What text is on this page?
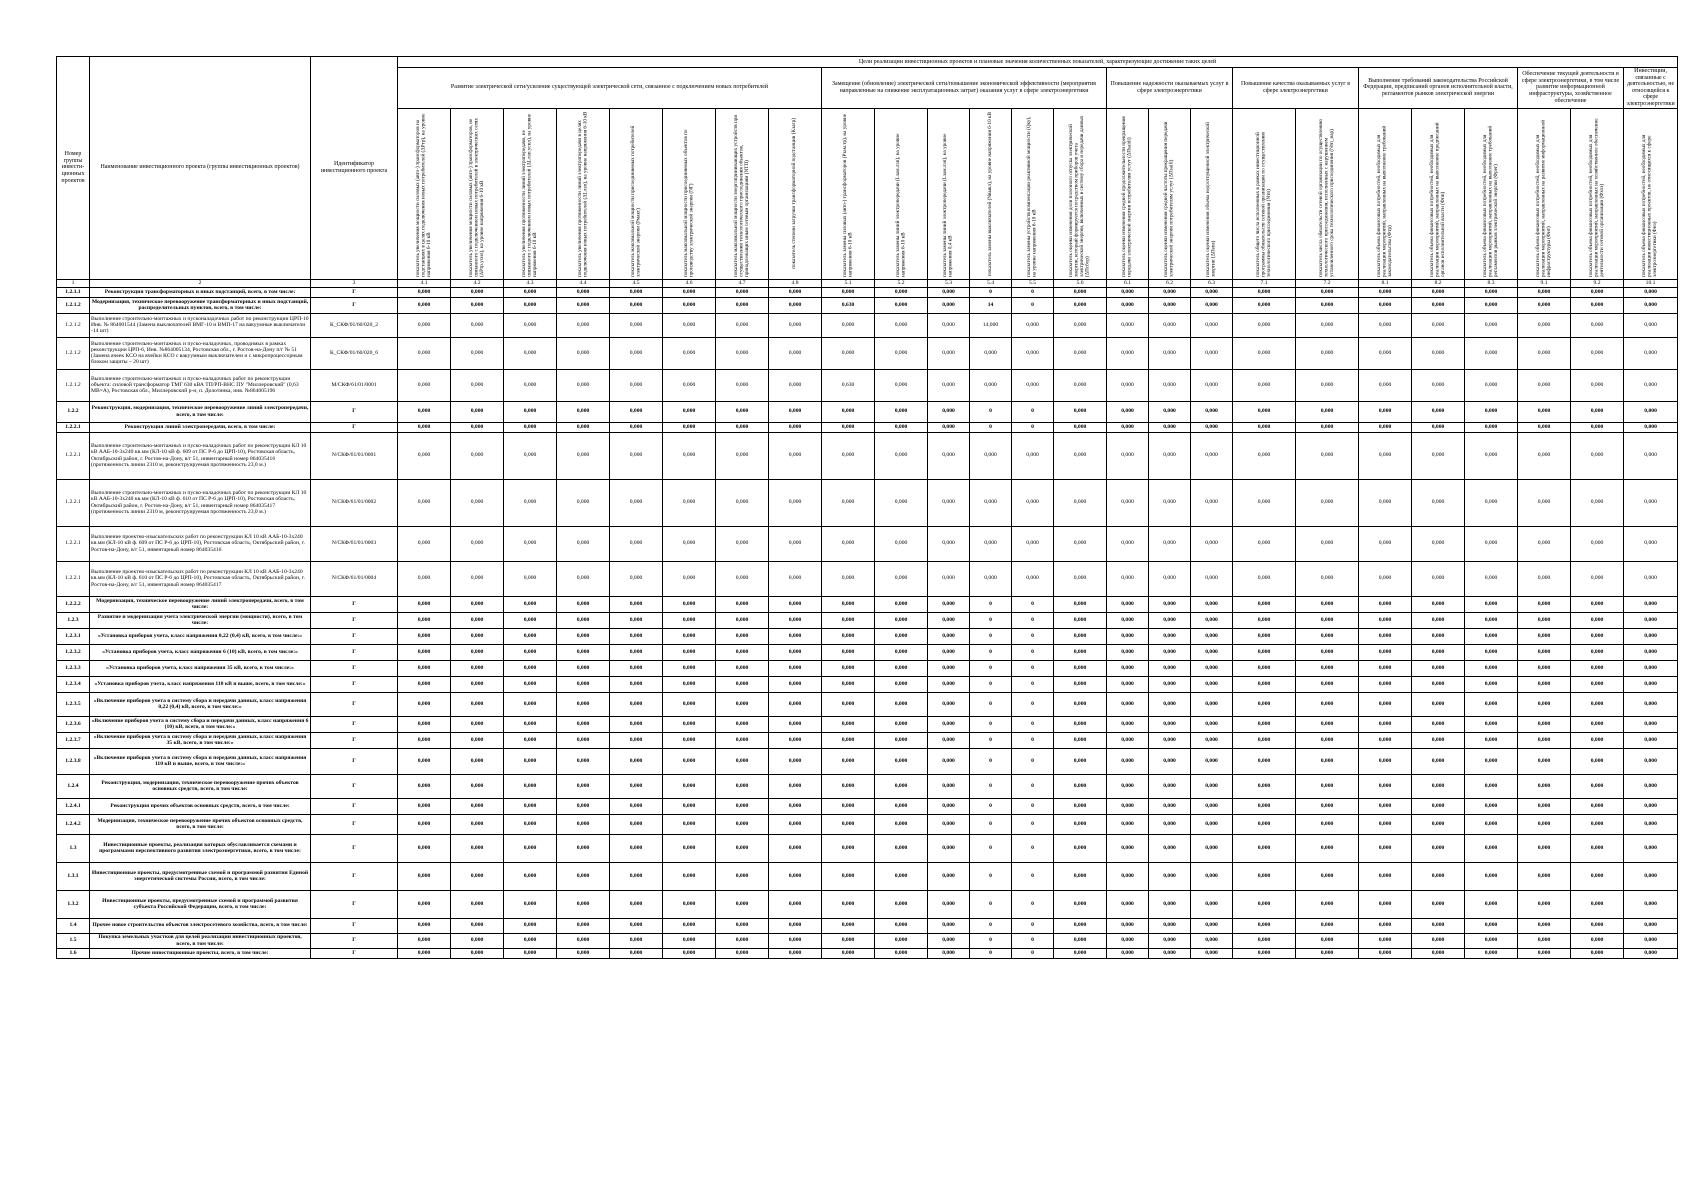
Номер группы инвести-ционных проектов	Наименование инвестиционного проекта (группы инвестиционных проектов)	Идентификатор инвестиционного проекта	Цели реализации инвестиционных проектов и плановые значения количественных показателей, характеризующие достижение таких целей																								
			Развитие электрической сети/усиление существующей электрической сети, связанное с подключением новых потребителей								Замещение (обновление) электрической сети/повышение экономической эффективности (мероприятия направленные на снижение эксплуатационных затрат) оказания услуг в сфере электроэнергетики						Повышение надежности оказываемых услуг в сфере электроэнергетики			Повышение качества оказываемых услуг в сфере электроэнергетики		Выполнение требований законодательства Российской Федерации, предписаний органов исполнительной власти, регламентов рынков электрической энергии			Обеспечение текущей деятельности в сфере электроэнергетики, в том числе развитие информационной инфраструктуры, хозяйственное обеспечение		Инвестиции, связанные с деятельностью, не относящейся к сфере электроэнергетики

			показатель увеличения мощности силовых (авто-) трансформаторов на подстанциях в целях подключения новых потребителей (ΔPтр), на уровне напряжения 6-10 кВ	показатель увеличения мощности силовых (авто-) трансформаторов, не связанного с подключением новых потребителей в электрических сетях (ΔPтр.усил), на уровне напряжения 6-10 кВ	показатель увеличения протяженности линий электропередачи, не связанного с подключением новых потребителей (ΔLлэп.усил), на уровне напряжения 6-10 кВ	показатель увеличения протяженности линий электропередачи в целях подключения новых потребителей (ΔLлэп), на уровне напряжения 6-10 кВ	показатель максимальной мощности присоединяемых потребителей электрической энергии (Pмакс)	показатель максимальной мощности присоединяемых объектов по производству электрической энергии (NГ)	показатель максимальной мощности энергопринимающих устройств при осуществлении технологического присоединения объектов, принадлежащих иным сетевым организациям (NТП)	показатель степени загрузки трансформаторной подстанции (Kзагр)	показатель замены силовых (авто-) трансформаторов (Pзам.тр), на уровне напряжения 6-10 кВ	показатель замены линий электропередачи (Lзам.лэп), на уровне напряжения 6-10 кВ	показатель замены линий электропередачи (Lзам.лэп), на уровне напряжения 0,4 кВ	показатель замены выключателей (Nвыкл), на уровне напряжения 6-10 кВ	показатель замены устройств компенсации реактивной мощности (Qку), на уровне напряжения 6-10 кВ	показатель оценки изменения доли полезного отпуска электрической энергии, который формируется посредством приборов учета электрической энергии, включенных в систему сбора и передачи данных (ΔПсбор)	показатель оценки изменения средней продолжительности прекращения передачи электрической энергии потребителям услуг (ΔПsaidi)	показатель оценки изменения средней частоты прекращения передачи электрической энергии потребителям услуг (ΔПsaifi)	показатель оценки изменения объема недоотпущенной электрической энергии (ΔПens)	показатель общего числа исполненных в рамках инвестиционной программы обязательств сетевой организации по осуществлению технологического присоединения (Nтп)	показатель числа обязательств сетевой организации по осуществлению технологического присоединения, исполненных с нарушением установленного срока технологического присоединения (Nтп_нар)	показатель объема финансовых потребностей, необходимых для реализации мероприятий, направленных на выполнение требований законодательства (Фтр)	показатель объема финансовых потребностей, необходимых для реализации мероприятий, направленных на выполнение предписаний органов исполнительной власти (Фпп)	показатель объема финансовых потребностей, необходимых для реализации мероприятий, направленных на выполнение требований регламентов рынков электрической энергии (Фрег)	показатель объема финансовых потребностей, необходимых для реализации мероприятий, направленных на развитие информационной инфраструктуры (Фит)	показатель объема финансовых потребностей, необходимых для реализации мероприятий, направленных на хозяйственное обеспечение деятельности сетевой организации (Фхоз)	показатель объема финансовых потребностей, необходимых для реализации инвестиционных проектов, не относящихся к сфере электроэнергетики (Фнэ)

1	2	3	4.1	4.2	4.3	4.4	4.5	4.6	4.7	4.8	5.1	5.2	5.3	5.4	5.5	5.6	6.1	6.2	6.3	7.1	7.2	8.1	8.2	8.3	9.1	9.2	10.1
1.2.1.1	Реконструкция трансформаторных и иных подстанций, всего, в том числе:	Г	0,000	0,000	0,000	0,000	0,000	0,000	0,000	0,000	0,000	0,000	0,000	0	0	0,000	0,000	0,000	0,000	0,000	0,000	0,000	0,000	0,000	0,000	0,000	0,000
1.2.1.2	Модернизация, техническое перевооружение трансформаторных и иных подстанций, распределительных пунктов, всего, в том числе:	Г	0,000	0,000	0,000	0,000	0,000	0,000	0,000	0,000	0,630	0,000	0,000	14	0	0,000	0,000	0,000	0,000	0,000	0,000	0,000	0,000	0,000	0,000	0,000	0,000
1.2.1.2	Выполнение строительно-монтажных и пусконаладочных работ по реконструкции ЦРП-10 Инв. № 864001544 (Замена выключателей ВМГ-10 и ВМП-17 на вакуумные выключатели -14 шт)	К_СКФ/01/60/020_2	0,000	0,000	0,000	0,000	0,000	0,000	0,000	0,000	0,000	0,000	0,000	14,000	0,000	0,000	0,000	0,000	0,000	0,000	0,000	0,000	0,000	0,000	0,000	0,000	0,000
1.2.1.2	Выполнение строительно-монтажных и пуско-наладочных, проводимых в рамках реконструкции ЦРП-6, Инв. №864005134, Ростовская обл., г. Ростов-на-Дону п/г № 51 (Замена ячеек КСО на ячейки КСО с вакуумным выключателем и с микропроцессорным блоком защиты – 20 шт)	К_СКФ/01/60/020_6	0,000	0,000	0,000	0,000	0,000	0,000	0,000	0,000	0,000	0,000	0,000	0,000	0,000	0,000	0,000	0,000	0,000	0,000	0,000	0,000	0,000	0,000	0,000	0,000	0,000
1.2.1.2	Выполнение строительно-монтажных и пуско-наладочных работ по реконструкции объекта: силовой трансформатор ТМГ 630 кВА ТП/РП-ВНС ПУ "Миллеровский" (0,63 МВ×А), Ростовская обл., Миллеровский р-н, п. Долотинка, инв. №864005196	М/СКФ/61/01/0001	0,000	0,000	0,000	0,000	0,000	0,000	0,000	0,000	0,630	0,000	0,000	0,000	0,000	0,000	0,000	0,000	0,000	0,000	0,000	0,000	0,000	0,000	0,000	0,000	0,000
1.2.2	Реконструкция, модернизация, техническое перевооружение линий электропередачи, всего, в том числе:	Г	0,000	0,000	0,000	0,000	0,000	0,000	0,000	0,000	0,000	0,000	0,000	0	0	0,000	0,000	0,000	0,000	0,000	0,000	0,000	0,000	0,000	0,000	0,000	0,000
1.2.2.1	Реконструкция линий электропередачи, всего, в том числе:	Г	0,000	0,000	0,000	0,000	0,000	0,000	0,000	0,000	0,000	0,000	0,000	0	0	0,000	0,000	0,000	0,000	0,000	0,000	0,000	0,000	0,000	0,000	0,000	0,000
1.2.2.1	Выполнение строительно-монтажных и пуско-наладочных работ по реконструкции КЛ 10 кВ ААБ-10-3х240 кв.мм (КЛ-10 кВ ф. 609 от ПС Р-6 до ЦРП-10), Ростовская область, Октябрьский район, г. Ростов-на-Дону, в/г 51, инвентарный номер 864035416 (протяженность линии 2310 м, реконструируемая протяженность 23,0 м.)	N/СКФ/61/01/0001	0,000	0,000	0,000	0,000	0,000	0,000	0,000	0,000	0,000	0,000	0,000	0,000	0,000	0,000	0,000	0,000	0,000	0,000	0,000	0,000	0,000	0,000	0,000	0,000	0,000
1.2.2.1	Выполнение строительно-монтажных и пуско-наладочных работ по реконструкции КЛ 10 кВ ААБ-10-3х240 кв.мм (КЛ-10 кВ ф. 610 от ПС Р-6 до ЦРП-10), Ростовская область, Октябрьский район, г. Ростов-на-Дону, в/г 51, инвентарный номер 864035417 (протяженность линии 2310 м, реконструируемая протяженность 23,0 м.)	N/СКФ/61/01/0002	0,000	0,000	0,000	0,000	0,000	0,000	0,000	0,000	0,000	0,000	0,000	0,000	0,000	0,000	0,000	0,000	0,000	0,000	0,000	0,000	0,000	0,000	0,000	0,000	0,000
1.2.2.1	Выполнение проектно-изыскательских работ по реконструкции КЛ 10 кВ ААБ-10-3х240 кв.мм (КЛ-10 кВ ф. 609 от ПС Р-6 до ЦРП-10), Ростовская область, Октябрьский район, г. Ростов-на-Дону, в/г 51, инвентарный номер 864035416	N/СКФ/61/01/0003	0,000	0,000	0,000	0,000	0,000	0,000	0,000	0,000	0,000	0,000	0,000	0,000	0,000	0,000	0,000	0,000	0,000	0,000	0,000	0,000	0,000	0,000	0,000	0,000	0,000
1.2.2.1	Выполнение проектно-изыскательских работ по реконструкции КЛ 10 кВ ААБ-10-3х240 кв.мм (КЛ-10 кВ ф. 610 от ПС Р-6 до ЦРП-10), Ростовская область, Октябрьский район, г. Ростов-на-Дону, в/г 51, инвентарный номер 864035417	N/СКФ/61/01/0004	0,000	0,000	0,000	0,000	0,000	0,000	0,000	0,000	0,000	0,000	0,000	0,000	0,000	0,000	0,000	0,000	0,000	0,000	0,000	0,000	0,000	0,000	0,000	0,000	0,000
1.2.2.2	Модернизация, техническое перевооружение линий электропередачи, всего, в том числе:	Г	0,000	0,000	0,000	0,000	0,000	0,000	0,000	0,000	0,000	0,000	0,000	0	0	0,000	0,000	0,000	0,000	0,000	0,000	0,000	0,000	0,000	0,000	0,000	0,000
1.2.3	Развитие и модернизация учета электрической энергии (мощности), всего, в том числе:	Г	0,000	0,000	0,000	0,000	0,000	0,000	0,000	0,000	0,000	0,000	0,000	0	0	0,000	0,000	0,000	0,000	0,000	0,000	0,000	0,000	0,000	0,000	0,000	0,000
1.2.3.1	«Установка приборов учета, класс напряжения 0,22 (0,4) кВ, всего, в том числе:»	Г	0,000	0,000	0,000	0,000	0,000	0,000	0,000	0,000	0,000	0,000	0,000	0	0	0,000	0,000	0,000	0,000	0,000	0,000	0,000	0,000	0,000	0,000	0,000	0,000
1.2.3.2	«Установка приборов учета, класс напряжения 6 (10) кВ, всего, в том числе:»	Г	0,000	0,000	0,000	0,000	0,000	0,000	0,000	0,000	0,000	0,000	0,000	0	0	0,000	0,000	0,000	0,000	0,000	0,000	0,000	0,000	0,000	0,000	0,000	0,000
1.2.3.3	«Установка приборов учета, класс напряжения 35 кВ, всего, в том числе:»	Г	0,000	0,000	0,000	0,000	0,000	0,000	0,000	0,000	0,000	0,000	0,000	0	0	0,000	0,000	0,000	0,000	0,000	0,000	0,000	0,000	0,000	0,000	0,000	0,000
1.2.3.4	«Установка приборов учета, класс напряжения 110 кВ и выше, всего, в том числе:»	Г	0,000	0,000	0,000	0,000	0,000	0,000	0,000	0,000	0,000	0,000	0,000	0	0	0,000	0,000	0,000	0,000	0,000	0,000	0,000	0,000	0,000	0,000	0,000	0,000
1.2.3.5	«Включение приборов учета в систему сбора и передачи данных, класс напряжения 0,22 (0,4) кВ, всего, в том числе:»	Г	0,000	0,000	0,000	0,000	0,000	0,000	0,000	0,000	0,000	0,000	0,000	0	0	0,000	0,000	0,000	0,000	0,000	0,000	0,000	0,000	0,000	0,000	0,000	0,000
1.2.3.6	«Включение приборов учета в систему сбора и передачи данных, класс напряжения 6 (10) кВ, всего, в том числе:»	Г	0,000	0,000	0,000	0,000	0,000	0,000	0,000	0,000	0,000	0,000	0,000	0	0	0,000	0,000	0,000	0,000	0,000	0,000	0,000	0,000	0,000	0,000	0,000	0,000
1.2.3.7	«Включение приборов учета в систему сбора и передачи данных, класс напряжения 35 кВ, всего, в том числе:»	Г	0,000	0,000	0,000	0,000	0,000	0,000	0,000	0,000	0,000	0,000	0,000	0	0	0,000	0,000	0,000	0,000	0,000	0,000	0,000	0,000	0,000	0,000	0,000	0,000
1.2.3.8	«Включение приборов учета в систему сбора и передачи данных, класс напряжения 110 кВ и выше, всего, в том числе:»	Г	0,000	0,000	0,000	0,000	0,000	0,000	0,000	0,000	0,000	0,000	0,000	0	0	0,000	0,000	0,000	0,000	0,000	0,000	0,000	0,000	0,000	0,000	0,000	0,000
1.2.4	Реконструкция, модернизация, техническое перевооружение прочих объектов основных средств, всего, в том числе:	Г	0,000	0,000	0,000	0,000	0,000	0,000	0,000	0,000	0,000	0,000	0,000	0	0	0,000	0,000	0,000	0,000	0,000	0,000	0,000	0,000	0,000	0,000	0,000	0,000
1.2.4.1	Реконструкция прочих объектов основных средств, всего, в том числе:	Г	0,000	0,000	0,000	0,000	0,000	0,000	0,000	0,000	0,000	0,000	0,000	0	0	0,000	0,000	0,000	0,000	0,000	0,000	0,000	0,000	0,000	0,000	0,000	0,000
1.2.4.2	Модернизация, техническое перевооружение прочих объектов основных средств, всего, в том числе:	Г	0,000	0,000	0,000	0,000	0,000	0,000	0,000	0,000	0,000	0,000	0,000	0	0	0,000	0,000	0,000	0,000	0,000	0,000	0,000	0,000	0,000	0,000	0,000	0,000
1.3	Инвестиционные проекты, реализация которых обуславливается схемами и программами перспективного развития электроэнергетики, всего, в том числе:	Г	0,000	0,000	0,000	0,000	0,000	0,000	0,000	0,000	0,000	0,000	0,000	0	0	0,000	0,000	0,000	0,000	0,000	0,000	0,000	0,000	0,000	0,000	0,000	0,000
1.3.1	Инвестиционные проекты, предусмотренные схемой и программой развития Единой энергетической системы России, всего, в том числе:	Г	0,000	0,000	0,000	0,000	0,000	0,000	0,000	0,000	0,000	0,000	0,000	0	0	0,000	0,000	0,000	0,000	0,000	0,000	0,000	0,000	0,000	0,000	0,000	0,000
1.3.2	Инвестиционные проекты, предусмотренные схемой и программой развития субъекта Российской Федерации, всего, в том числе:	Г	0,000	0,000	0,000	0,000	0,000	0,000	0,000	0,000	0,000	0,000	0,000	0	0	0,000	0,000	0,000	0,000	0,000	0,000	0,000	0,000	0,000	0,000	0,000	0,000
1.4	Прочее новое строительство объектов электросетевого хозяйства, всего, в том числе:	Г	0,000	0,000	0,000	0,000	0,000	0,000	0,000	0,000	0,000	0,000	0,000	0	0	0,000	0,000	0,000	0,000	0,000	0,000	0,000	0,000	0,000	0,000	0,000	0,000
1.5	Покупка земельных участков для целей реализации инвестиционных проектов, всего, в том числе:	Г	0,000	0,000	0,000	0,000	0,000	0,000	0,000	0,000	0,000	0,000	0,000	0	0	0,000	0,000	0,000	0,000	0,000	0,000	0,000	0,000	0,000	0,000	0,000	0,000
1.6	Прочие инвестиционные проекты, всего, в том числе:	Г	0,000	0,000	0,000	0,000	0,000	0,000	0,000	0,000	0,000	0,000	0,000	0	0	0,000	0,000	0,000	0,000	0,000	0,000	0,000	0,000	0,000	0,000	0,000	0,000
